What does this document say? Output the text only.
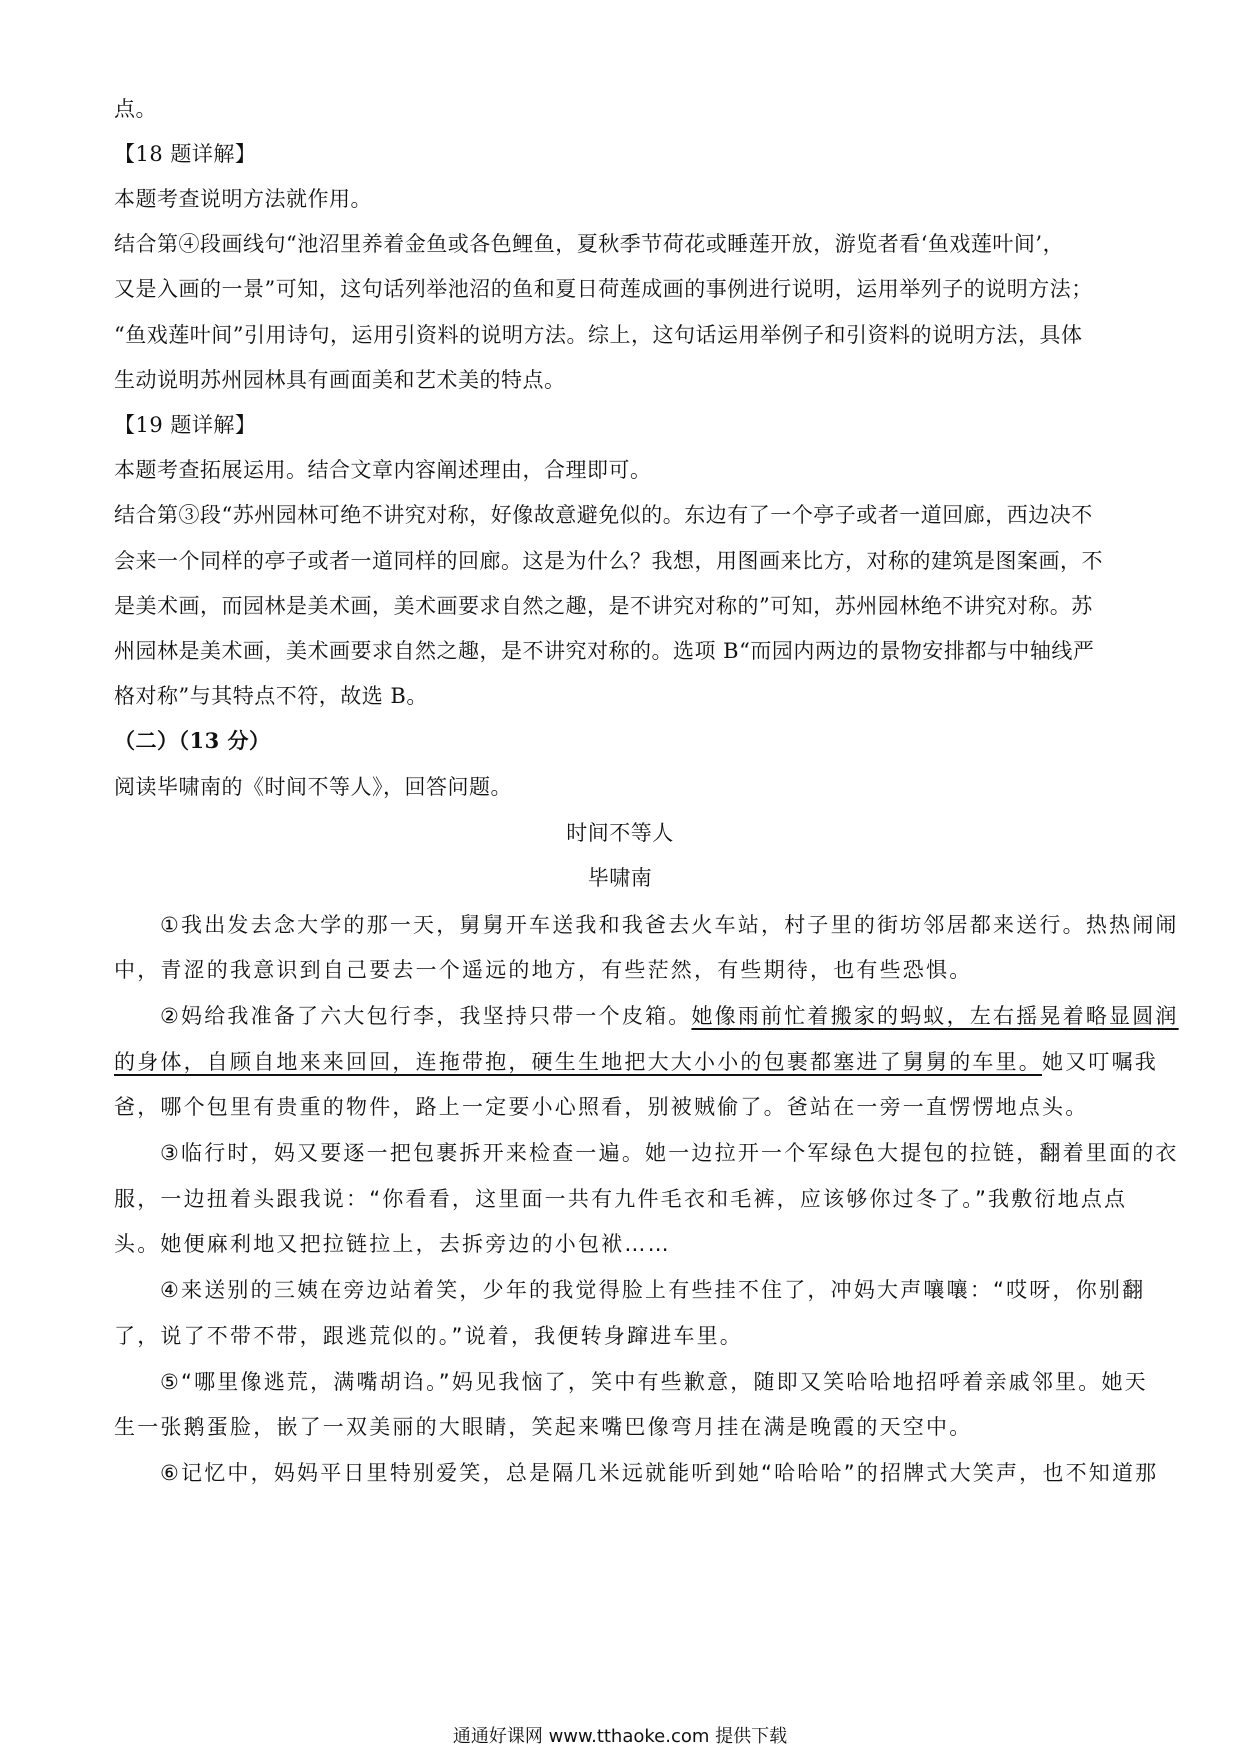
点。
【18 题详解】
本题考查说明方法就作用。
结合第④段画线句“池沼里养着金鱼或各色鲤鱼，夏秋季节荷花或睡莲开放，游览者看‘鱼戏莲叶间’，
又是入画的一景”可知，这句话列举池沼的鱼和夏日荷莲成画的事例进行说明，运用举列子的说明方法；
“鱼戏莲叶间”引用诗句，运用引资料的说明方法。综上，这句话运用举例子和引资料的说明方法，具体
生动说明苏州园林具有画面美和艺术美的特点。
【19 题详解】
本题考查拓展运用。结合文章内容阐述理由，合理即可。
结合第③段“苏州园林可绝不讲究对称，好像故意避免似的。东边有了一个亭子或者一道回廊，西边决不
会来一个同样的亭子或者一道同样的回廊。这是为什么？我想，用图画来比方，对称的建筑是图案画，不
是美术画，而园林是美术画，美术画要求自然之趣，是不讲究对称的”可知，苏州园林绝不讲究对称。苏
州园林是美术画，美术画要求自然之趣，是不讲究对称的。选项 B“而园内两边的景物安排都与中轴线严
格对称”与其特点不符，故选 B。
（二）（13 分）
阅读毕啸南的《时间不等人》，回答问题。
时间不等人
毕啸南
①我出发去念大学的那一天，舅舅开车送我和我爸去火车站，村子里的街坊邻居都来送行。热热闹闹
中，青涩的我意识到自己要去一个遥远的地方，有些茫然，有些期待，也有些恐惧。
②妈给我准备了六大包行李，我坚持只带一个皮箱。她像雨前忙着搬家的蚂蚁，左右摇晃着略显圆润
的身体，自顾自地来来回回，连拖带抱，硬生生地把大大小小的包裹都塞进了舅舅的车里。她又叮嘱我
爸，哪个包里有贵重的物件，路上一定要小心照看，别被贼偷了。爸站在一旁一直愣愣地点头。
③临行时，妈又要逐一把包裹拆开来检查一遍。她一边拉开一个军绿色大提包的拉链，翻着里面的衣
服，一边扭着头跟我说：“你看看，这里面一共有九件毛衣和毛裤，应该够你过冬了。”我敷衍地点点
头。她便麻利地又把拉链拉上，去拆旁边的小包袱……
④来送别的三姨在旁边站着笑，少年的我觉得脸上有些挂不住了，冲妈大声嚷嚷：“哎呀，你别翻
了，说了不带不带，跟逃荒似的。”说着，我便转身蹿进车里。
⑤“哪里像逃荒，满嘴胡诌。”妈见我恼了，笑中有些歉意，随即又笑哈哈地招呼着亲戚邻里。她天
生一张鹅蛋脸，嵌了一双美丽的大眼睛，笑起来嘴巴像弯月挂在满是晚霞的天空中。
⑥记忆中，妈妈平日里特别爱笑，总是隔几米远就能听到她“哈哈哈”的招牌式大笑声，也不知道那
通通好课网 www.tthaoke.com 提供下载
